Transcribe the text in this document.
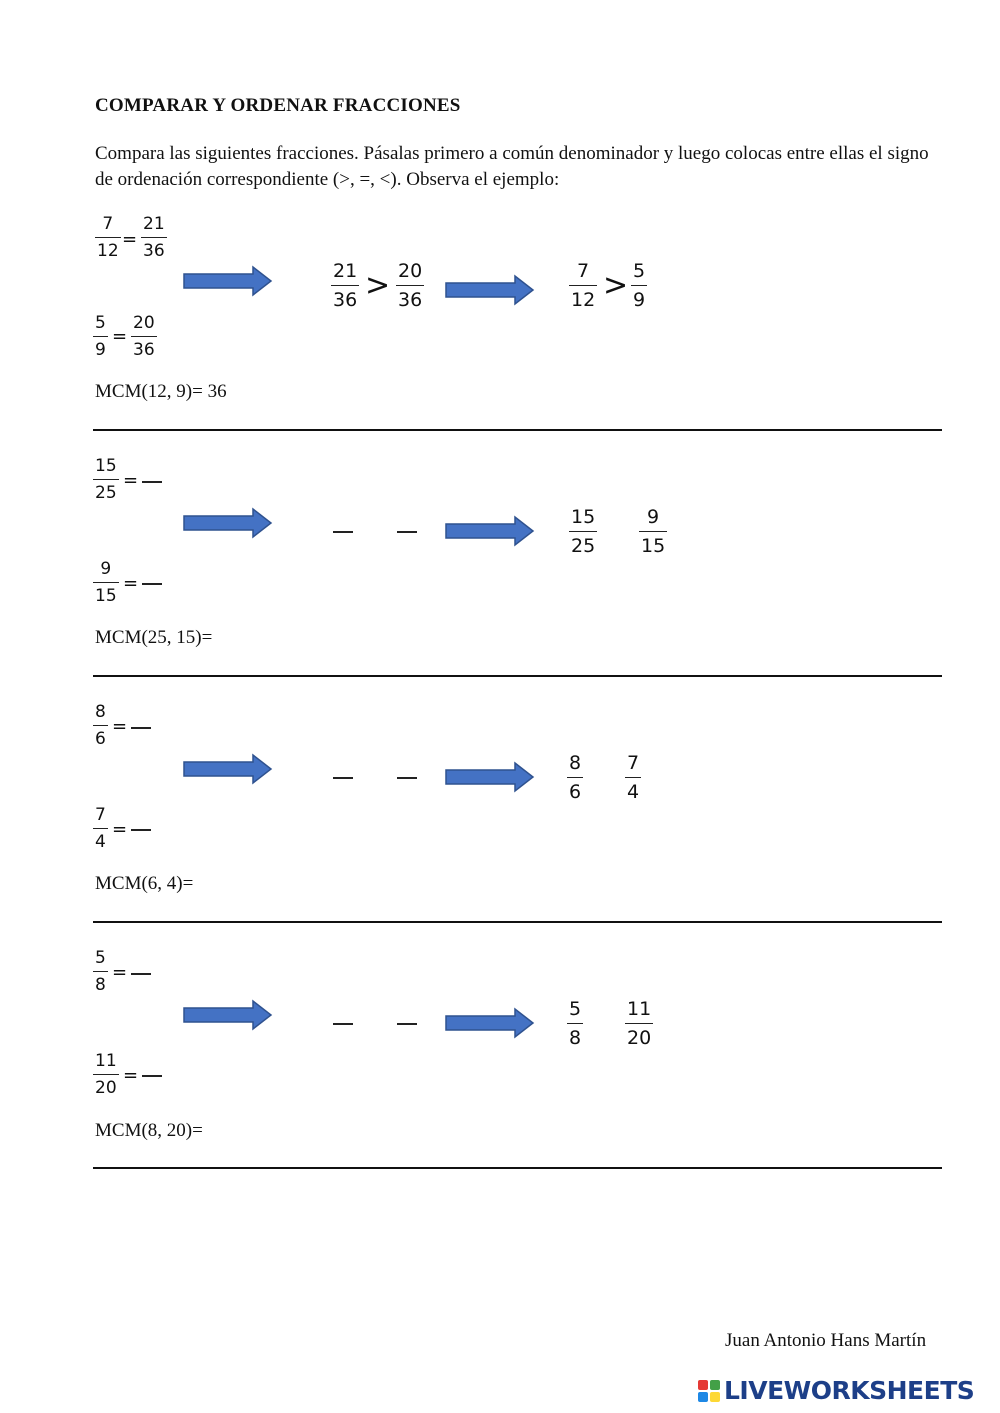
COMPARAR Y ORDENAR FRACCIONES
Compara las siguientes fracciones. Pásalas primero a común denominador y luego colocas entre ellas el signo de ordenación correspondiente (>, =, <). Observa el ejemplo:
7
12
=
21
36
5
9
=
20
36
21
36 > 20
36
7
12 > 5
9
MCM(12, 9)= 36
15
25
=
9
15
=
15
25
9
15
MCM(25, 15)=
8
6
=
7
4
=
8
6
7
4
MCM(6, 4)=
5
8
=
11
20
=
5
8
11
20
MCM(8, 20)=
Juan Antonio Hans Martín
LIVEWORKSHEETS
